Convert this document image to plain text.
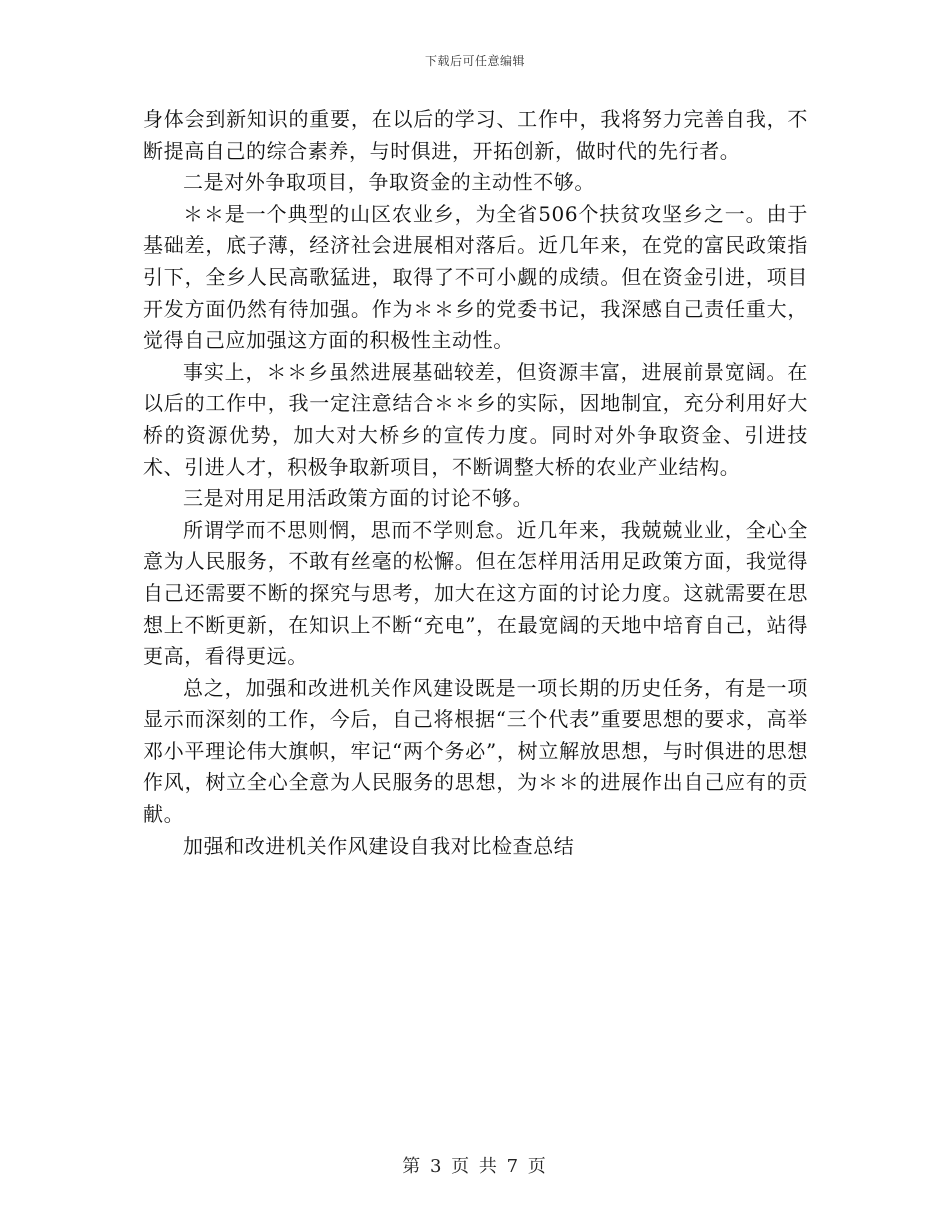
下载后可任意编辑

身体会到新知识的重要，在以后的学习、工作中，我将努力完善自我，不断提高自己的综合素养，与时俱进，开拓创新，做时代的先行者。

二是对外争取项目，争取资金的主动性不够。

＊＊是一个典型的山区农业乡，为全省506个扶贫攻坚乡之一。由于基础差，底子薄，经济社会进展相对落后。近几年来，在党的富民政策指引下，全乡人民高歌猛进，取得了不可小觑的成绩。但在资金引进，项目开发方面仍然有待加强。作为＊＊乡的党委书记，我深感自己责任重大，觉得自己应加强这方面的积极性主动性。

事实上，＊＊乡虽然进展基础较差，但资源丰富，进展前景宽阔。在以后的工作中，我一定注意结合＊＊乡的实际，因地制宜，充分利用好大桥的资源优势，加大对大桥乡的宣传力度。同时对外争取资金、引进技术、引进人才，积极争取新项目，不断调整大桥的农业产业结构。

三是对用足用活政策方面的讨论不够。

所谓学而不思则惘，思而不学则怠。近几年来，我兢兢业业，全心全意为人民服务，不敢有丝毫的松懈。但在怎样用活用足政策方面，我觉得自己还需要不断的探究与思考，加大在这方面的讨论力度。这就需要在思想上不断更新，在知识上不断“充电”，在最宽阔的天地中培育自己，站得更高，看得更远。

总之，加强和改进机关作风建设既是一项长期的历史任务，有是一项显示而深刻的工作，今后，自己将根据“三个代表”重要思想的要求，高举邓小平理论伟大旗帜，牢记“两个务必”，树立解放思想，与时俱进的思想作风，树立全心全意为人民服务的思想，为＊＊的进展作出自己应有的贡献。

加强和改进机关作风建设自我对比检查总结

第 3 页 共 7 页
